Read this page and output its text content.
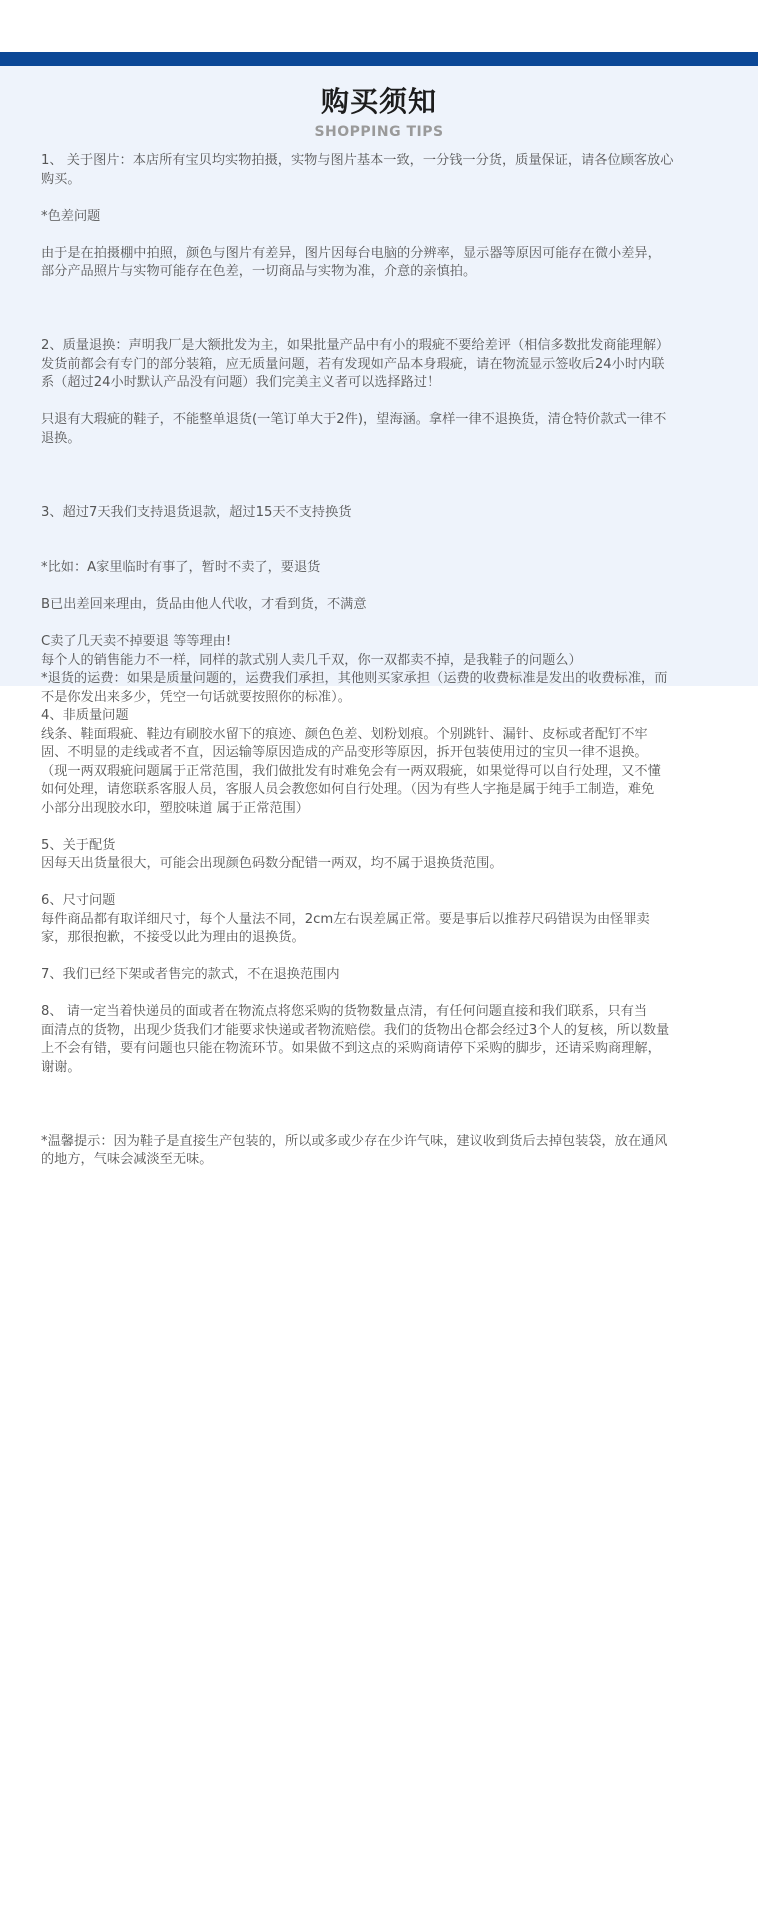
购买须知
SHOPPING TIPS
1、 关于图片：本店所有宝贝均实物拍摄，实物与图片基本一致，一分钱一分货，质量保证，请各位顾客放心
购买。
*色差问题
由于是在拍摄棚中拍照，颜色与图片有差异，图片因每台电脑的分辨率，显示器等原因可能存在微小差异，
部分产品照片与实物可能存在色差，一切商品与实物为准，介意的亲慎拍。
2、质量退换：声明我厂是大额批发为主，如果批量产品中有小的瑕疵不要给差评（相信多数批发商能理解）
发货前都会有专门的部分装箱，应无质量问题，若有发现如产品本身瑕疵，请在物流显示签收后24小时内联
系（超过24小时默认产品没有问题）我们完美主义者可以选择路过！
只退有大瑕疵的鞋子，不能整单退货(一笔订单大于2件)，望海涵。拿样一律不退换货，清仓特价款式一律不
退换。
3、超过7天我们支持退货退款，超过15天不支持换货
*比如：A家里临时有事了，暂时不卖了，要退货
B已出差回来理由，货品由他人代收，才看到货，不满意
C卖了几天卖不掉要退 等等理由!
每个人的销售能力不一样，同样的款式别人卖几千双，你一双都卖不掉，是我鞋子的问题么）
*退货的运费：如果是质量问题的，运费我们承担，其他则买家承担（运费的收费标准是发出的收费标准，而
不是你发出来多少，凭空一句话就要按照你的标准）。
4、非质量问题
线条、鞋面瑕疵、鞋边有刷胶水留下的痕迹、颜色色差、划粉划痕。个别跳针、漏针、皮标或者配钉不牢
固、不明显的走线或者不直，因运输等原因造成的产品变形等原因，拆开包装使用过的宝贝一律不退换。
（现一两双瑕疵问题属于正常范围，我们做批发有时难免会有一两双瑕疵，如果觉得可以自行处理，又不懂
如何处理，请您联系客服人员，客服人员会教您如何自行处理。（因为有些人字拖是属于纯手工制造，难免
小部分出现胶水印，塑胶味道 属于正常范围）
5、关于配货
因每天出货量很大，可能会出现颜色码数分配错一两双，均不属于退换货范围。
6、尺寸问题
每件商品都有取详细尺寸，每个人量法不同，2cm左右误差属正常。要是事后以推荐尺码错误为由怪罪卖
家，那很抱歉，不接受以此为理由的退换货。
7、我们已经下架或者售完的款式，不在退换范围内
8、 请一定当着快递员的面或者在物流点将您采购的货物数量点清，有任何问题直接和我们联系，只有当
面清点的货物，出现少货我们才能要求快递或者物流赔偿。我们的货物出仓都会经过3个人的复核，所以数量
上不会有错，要有问题也只能在物流环节。如果做不到这点的采购商请停下采购的脚步，还请采购商理解，
谢谢。
*温馨提示：因为鞋子是直接生产包装的，所以或多或少存在少许气味，建议收到货后去掉包装袋，放在通风
的地方，气味会减淡至无味。
